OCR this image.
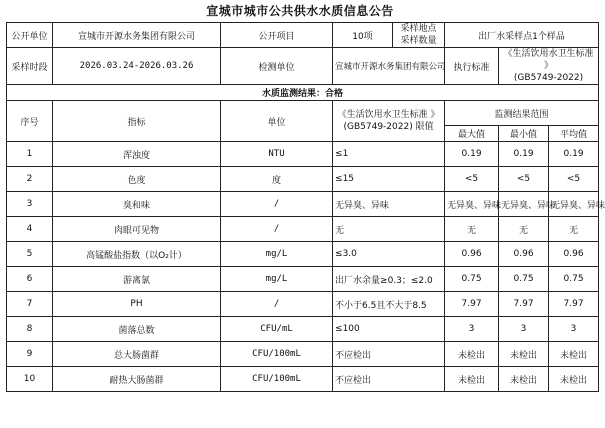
宣城市城市公共供水水质信息公告
公开单位	宣城市开源水务集团有限公司	公开项目	10项	采样地点
采样数量	出厂水采样点1个样品		
采样时段	2026.03.24-2026.03.26	检测单位	宣城市开源水务集团有限公司		执行标准	《生活饮用水卫生标准 》
(GB5749-2022)	
水质监测结果：合格							
序号	指标	单位	《生活饮用水卫生标准 》
(GB5749-2022) 限值		监测结果范围		
					最大值	最小值	平均值
1	浑浊度	NTU	≤1		0.19	0.19	0.19
2	色度	度	≤15		<5	<5	<5
3	臭和味	/	无异臭、异味		无异臭、异味	无异臭、异味	无异臭、异味
4	肉眼可见物	/	无		无	无	无
5	高锰酸盐指数（以O₂计）	mg/L	≤3.0		0.96	0.96	0.96
6	游离氯	mg/L	出厂水余量≥0.3；≤2.0		0.75	0.75	0.75
7	PH	/	不小于6.5且不大于8.5		7.97	7.97	7.97
8	菌落总数	CFU/mL	≤100		3	3	3
9	总大肠菌群	CFU/100mL	不应检出		未检出	未检出	未检出
10	耐热大肠菌群	CFU/100mL	不应检出		未检出	未检出	未检出
